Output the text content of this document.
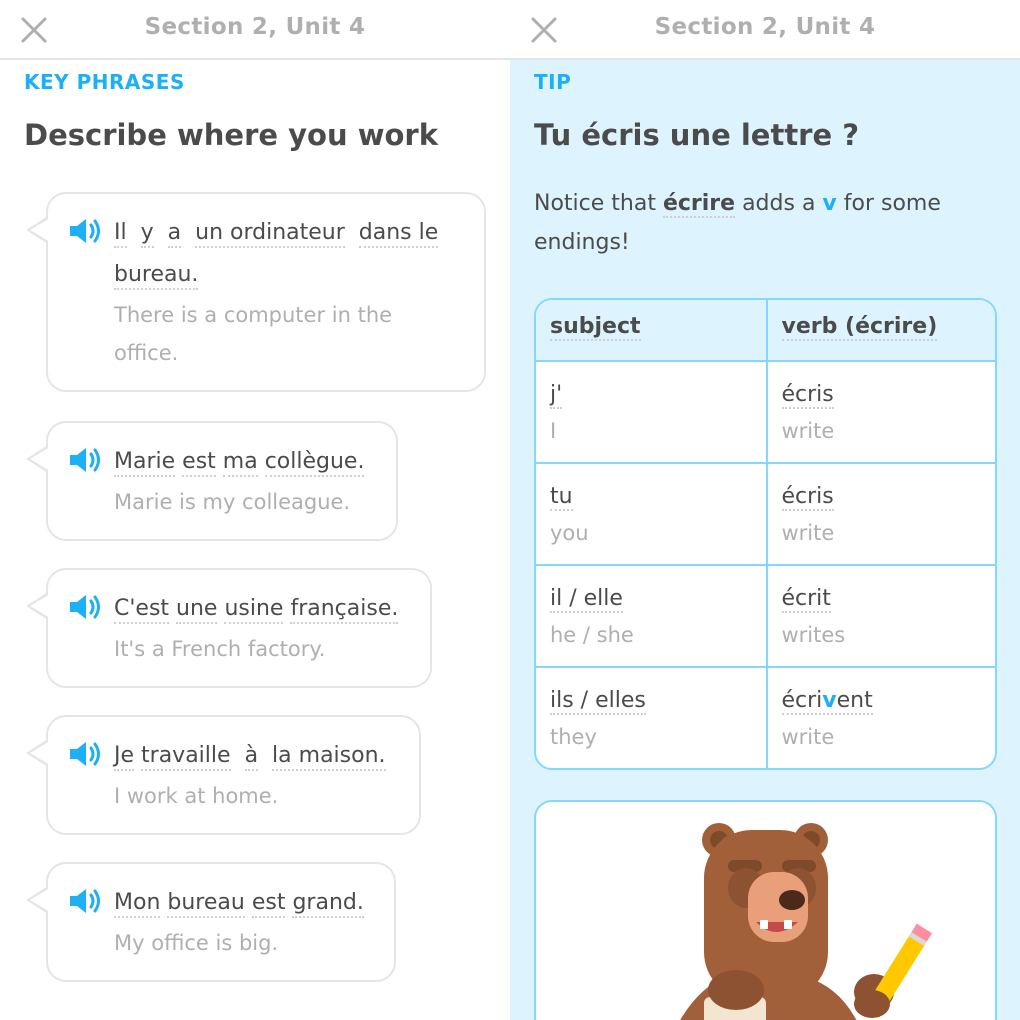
Section 2, Unit 4
KEY PHRASES
Describe where you work
Il y a un ordinateur dans le bureau.
There is a computer in the office.
Marie est ma collègue.
Marie is my colleague.
C'est une usine française.
It's a French factory.
Je travaille à la maison.
I work at home.
Mon bureau est grand.
My office is big.
Section 2, Unit 4
TIP
Tu écris une lettre ?
Notice that écrire adds a v for some endings!
subject	verb (écrire)
j'
I
écris
write
tu
you
écris
write
il / elle
he / she
écrit
writes
ils / elles
they
écrivent
write
